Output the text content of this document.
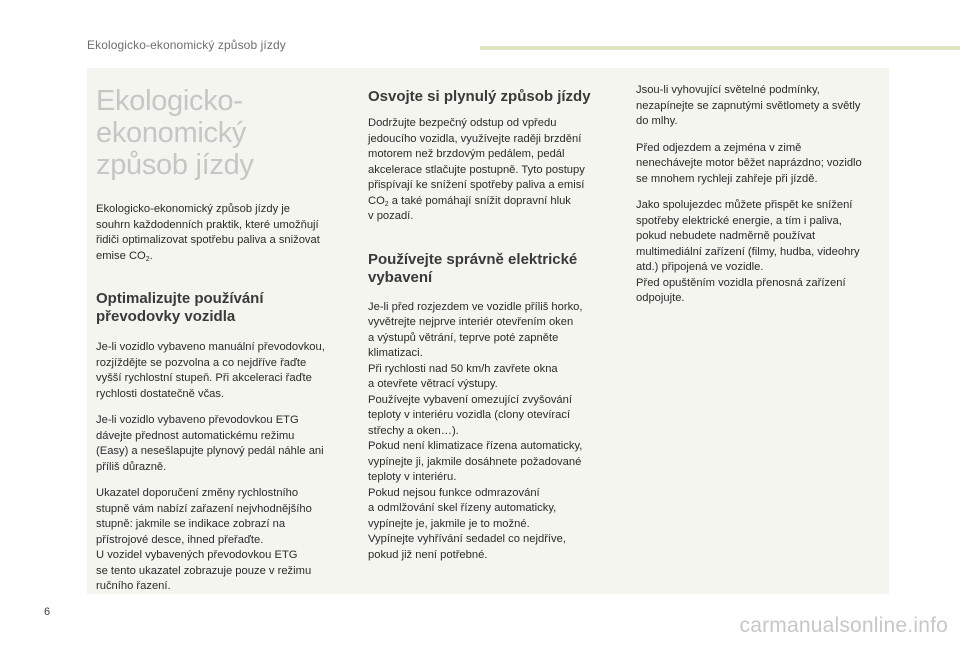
Ekologicko-ekonomický způsob jízdy
Ekologicko-ekonomický
způsob jízdy

Ekologicko-ekonomický způsob jízdy je
souhrn každodenních praktik, které umožňují
řidiči optimalizovat spotřebu paliva a snižovat
emise $CO_2$.

Optimalizujte používání
převodovky vozidla

Je-li vozidlo vybaveno manuální převodovkou,
rozjíždějte se pozvolna a co nejdříve řaďte
vyšší rychlostní stupeň. Při akceleraci řaďte
rychlosti dostatečně včas.

Je-li vozidlo vybaveno převodovkou ETG
dávejte přednost automatickému režimu
(Easy) a nesešlapujte plynový pedál náhle ani
příliš důrazně.

Ukazatel doporučení změny rychlostního
stupně vám nabízí zařazení nejvhodnějšího
stupně: jakmile se indikace zobrazí na
přístrojové desce, ihned přeřaďte.
U vozidel vybavených převodovkou ETG
se tento ukazatel zobrazuje pouze v režimu
ručního řazení.

Osvojte si plynulý způsob jízdy

Dodržujte bezpečný odstup od vpředu
jedoucího vozidla, využívejte raději brzdění
motorem než brzdovým pedálem, pedál
akcelerace stlačujte postupně. Tyto postupy
přispívají ke snížení spotřeby paliva a emisí
$CO_2$ a také pomáhají snížit dopravní hluk
v pozadí.

Používejte správně elektrické
vybavení

Je-li před rozjezdem ve vozidle příliš horko,
vyvětrejte nejprve interiér otevřením oken
a výstupů větrání, teprve poté zapněte
klimatizaci.
Při rychlosti nad 50 km/h zavřete okna
a otevřete větrací výstupy.
Používejte vybavení omezující zvyšování
teploty v interiéru vozidla (clony otevírací
střechy a oken…).
Pokud není klimatizace řízena automaticky,
vypínejte ji, jakmile dosáhnete požadované
teploty v interiéru.
Pokud nejsou funkce odmrazování
a odmlžování skel řízeny automaticky,
vypínejte je, jakmile je to možné.
Vypínejte vyhřívání sedadel co nejdříve,
pokud již není potřebné.

Jsou-li vyhovující světelné podmínky,
nezapínejte se zapnutými světlomety a světly
do mlhy.

Před odjezdem a zejména v zimě
nenechávejte motor běžet naprázdno; vozidlo
se mnohem rychleji zahřeje při jízdě.

Jako spolujezdec můžete přispět ke snížení
spotřeby elektrické energie, a tím i paliva,
pokud nebudete nadměrně používat
multimediální zařízení (filmy, hudba, videohry
atd.) připojená ve vozidle.
Před opuštěním vozidla přenosná zařízení
odpojujte.

6
carmanualsonline.info
